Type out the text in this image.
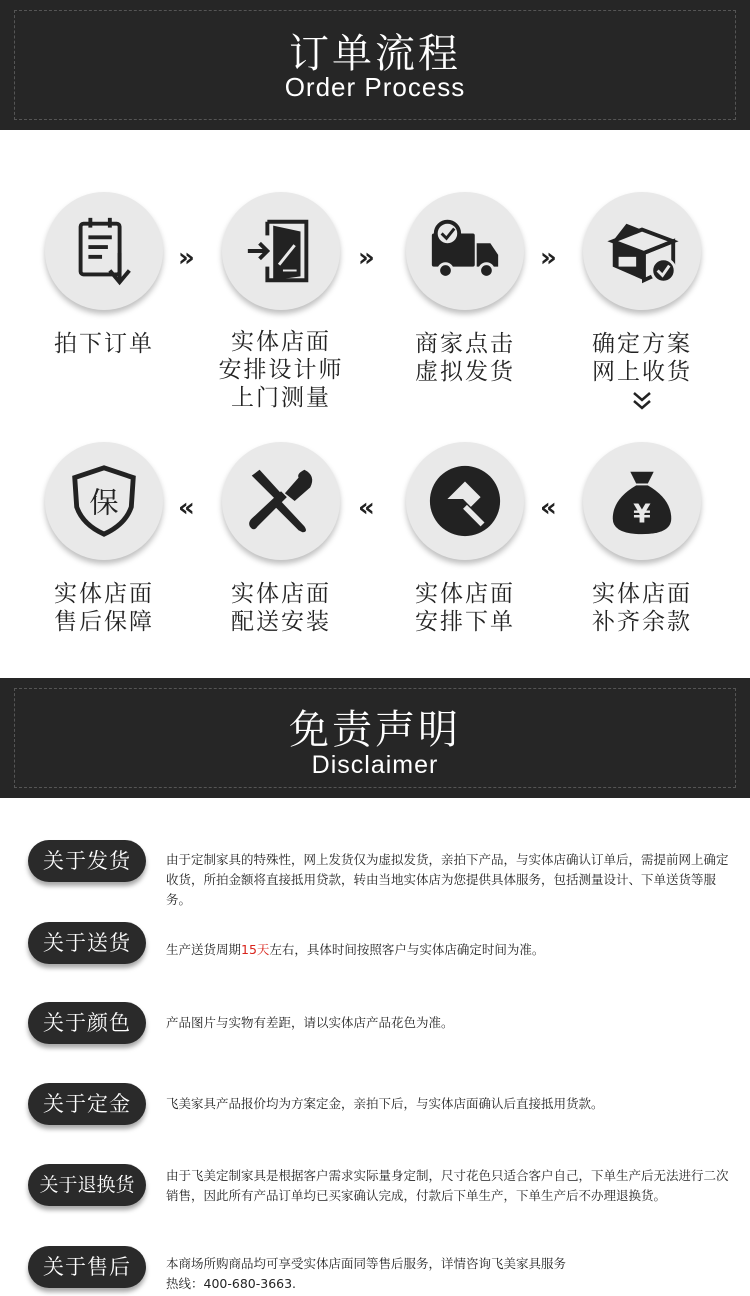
订单流程
Order Process
»	»	»
拍下订单	实体店面
安排设计师
上门测量
商家点击
虚拟发货
确定方案
网上收货
保	¥
«	«	«
实体店面
售后保障
实体店面
配送安装
实体店面
安排下单
实体店面
补齐余款
免责声明
Disclaimer
关于发货	由于定制家具的特殊性，网上发货仅为虚拟发货，亲拍下产品，与实体店确认订单后，需提前网上确定收货，所拍金额将直接抵用贷款，转由当地实体店为您提供具体服务，包括测量设计、下单送货等服务。
关于送货	生产送货周期15天左右，具体时间按照客户与实体店确定时间为准。
关于颜色	产品图片与实物有差距，请以实体店产品花色为准。
关于定金	飞美家具产品报价均为方案定金，亲拍下后，与实体店面确认后直接抵用货款。
关于退换货	由于飞美定制家具是根据客户需求实际量身定制，尺寸花色只适合客户自己，下单生产后无法进行二次销售，因此所有产品订单均已买家确认完成，付款后下单生产，下单生产后不办理退换货。
关于售后	本商场所购商品均可享受实体店面同等售后服务，详情咨询飞美家具服务
热线：400-680-3663.
